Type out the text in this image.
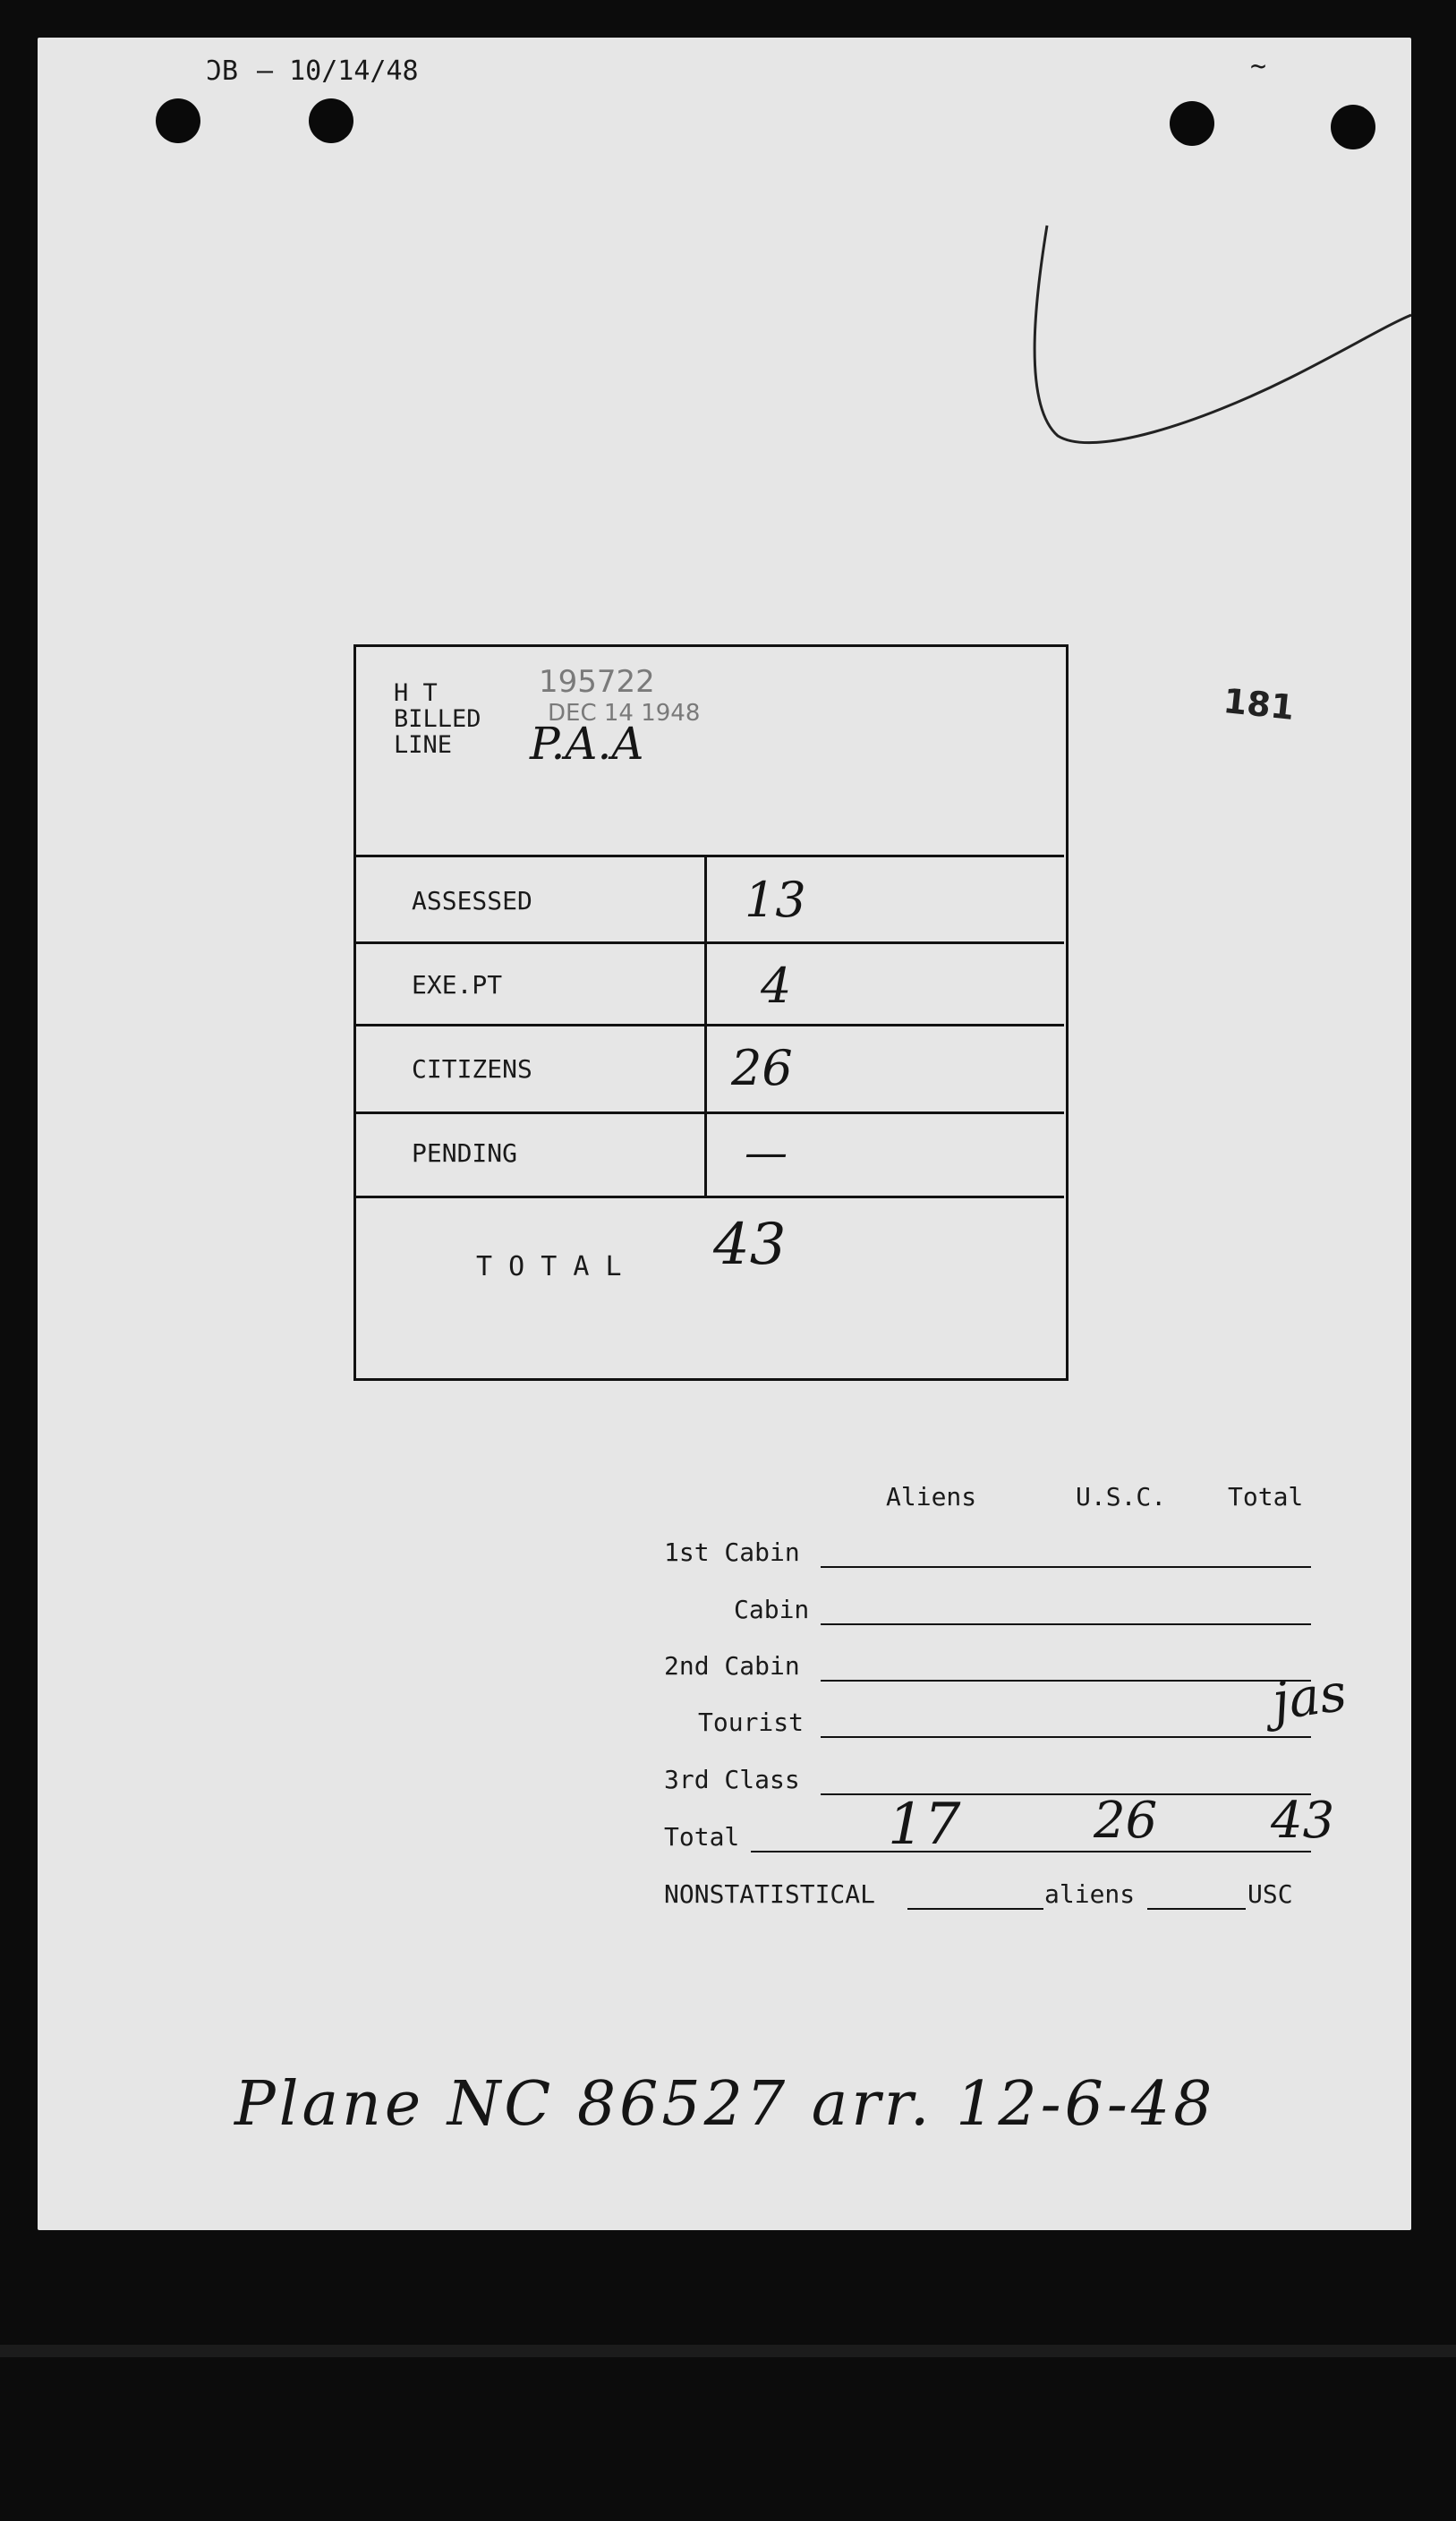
ƆB – 10/14/48	~
181
H T
BILLED
LINE
195722
DEC 14 1948
P.A.A
ASSESSED	13
EXE.PT	4
CITIZENS	26
PENDING	—
T O T A L 43
Aliens	U.S.C. Total
1st Cabin
Cabin
2nd Cabin
Tourist
3rd Class
Total	17	26 43
jas
NONSTATISTICAL	aliens	USC
Plane NC 86527 arr. 12-6-48
